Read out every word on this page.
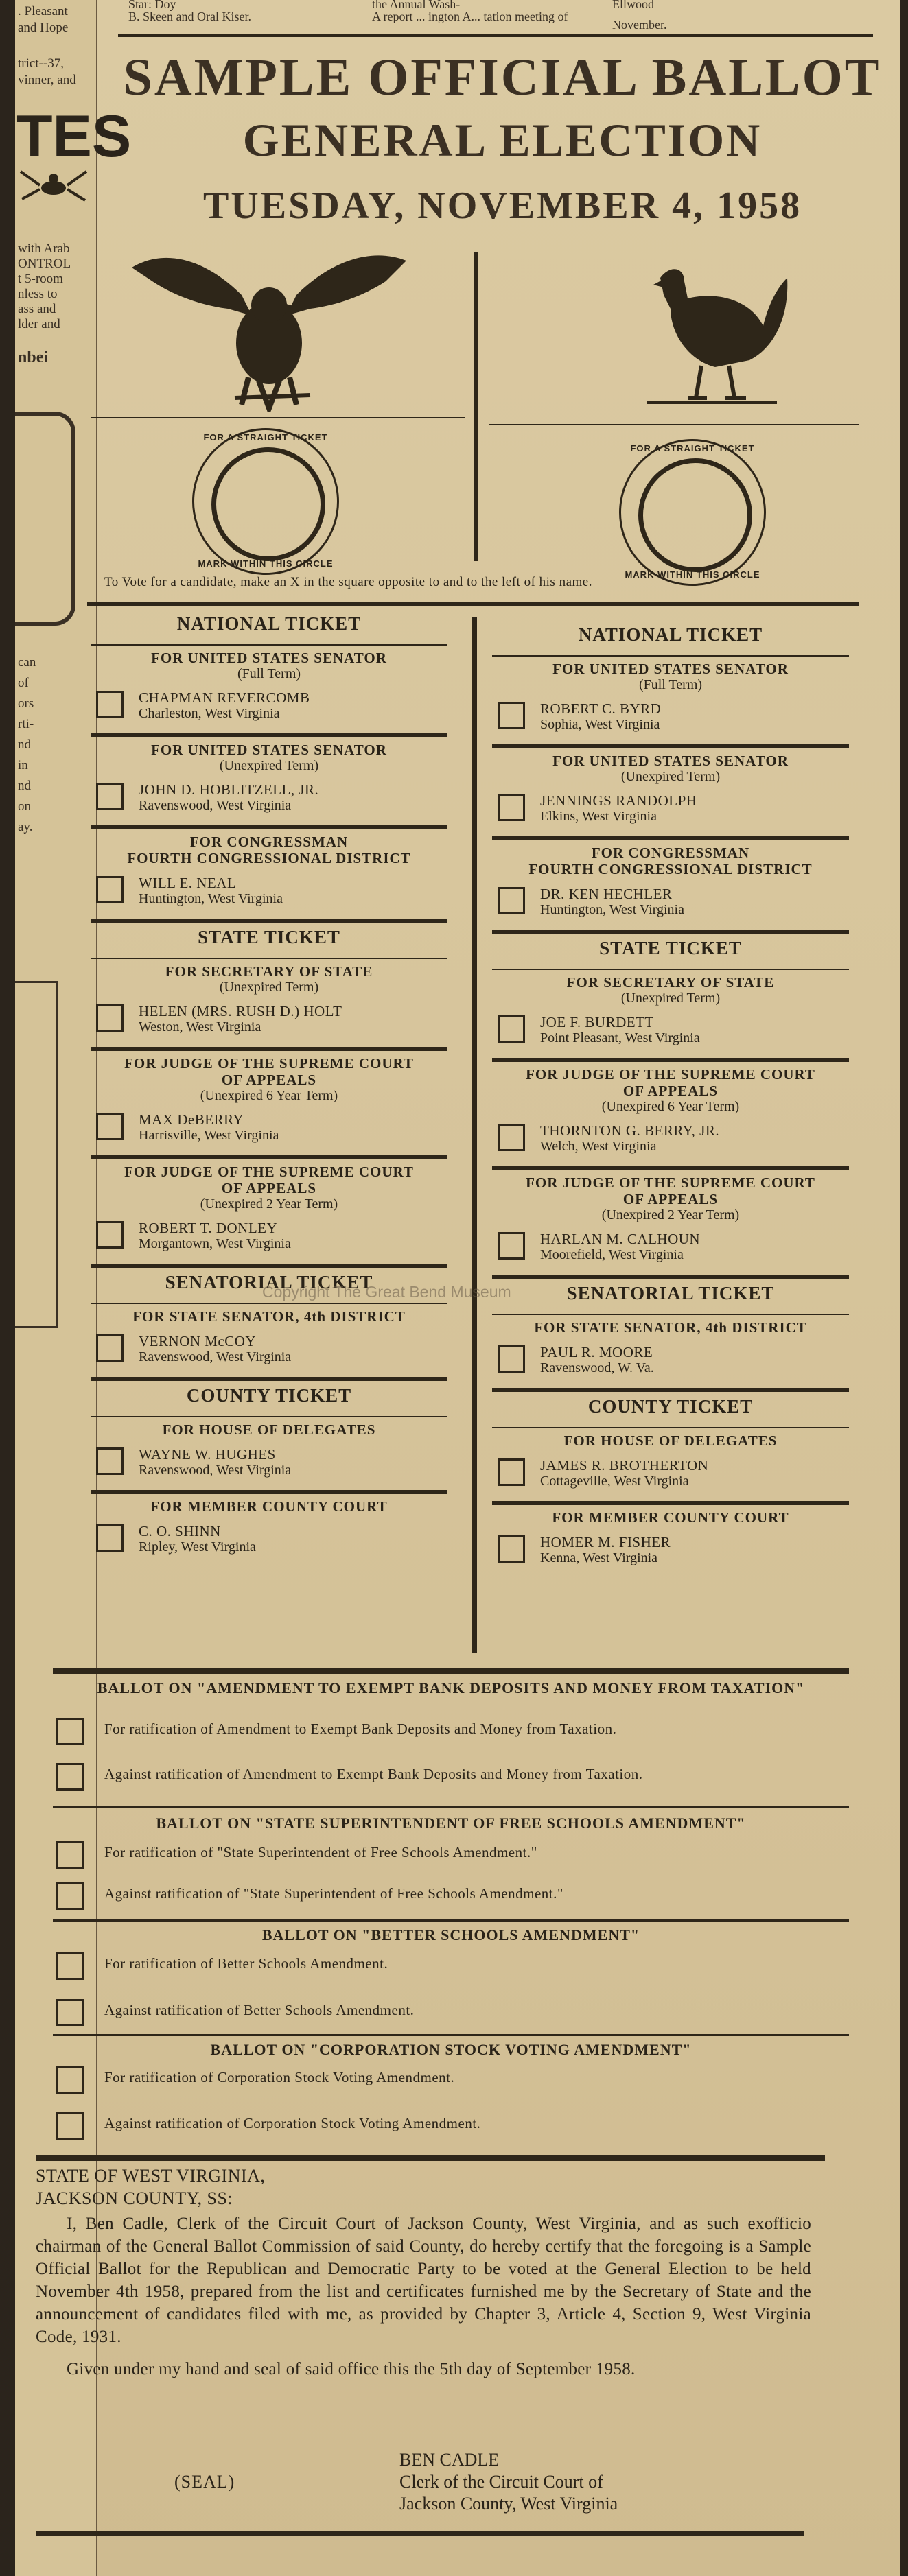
. Pleasant
and Hope
trict--37,
vinner, and
TES
with Arab
ONTROL
t 5-room
nless to
ass and
lder and
nbei
can
of
ors
rti-
nd
in
nd
on
ay.
Star: Doy
B. Skeen and Oral Kiser.
the Annual Wash-
A report ... ington A... tation meeting of
Ellwood
November.
SAMPLE OFFICIAL BALLOT
GENERAL ELECTION
TUESDAY, NOVEMBER 4, 1958
FOR A STRAIGHT TICKET
MARK WITHIN THIS CIRCLE
FOR A STRAIGHT TICKET
MARK WITHIN THIS CIRCLE
To Vote for a candidate, make an X in the square opposite to and to the left of his name.
NATIONAL TICKET
FOR UNITED STATES SENATOR
(Full Term)
CHAPMAN REVERCOMB
Charleston, West Virginia
FOR UNITED STATES SENATOR
(Unexpired Term)
JOHN D. HOBLITZELL, JR.
Ravenswood, West Virginia
FOR CONGRESSMAN
FOURTH CONGRESSIONAL DISTRICT
WILL E. NEAL
Huntington, West Virginia
STATE TICKET
FOR SECRETARY OF STATE
(Unexpired Term)
HELEN (MRS. RUSH D.) HOLT
Weston, West Virginia
FOR JUDGE OF THE SUPREME COURT
OF APPEALS
(Unexpired 6 Year Term)
MAX DeBERRY
Harrisville, West Virginia
FOR JUDGE OF THE SUPREME COURT
OF APPEALS
(Unexpired 2 Year Term)
ROBERT T. DONLEY
Morgantown, West Virginia
SENATORIAL TICKET
FOR STATE SENATOR, 4th DISTRICT
VERNON McCOY
Ravenswood, West Virginia
COUNTY TICKET
FOR HOUSE OF DELEGATES
WAYNE W. HUGHES
Ravenswood, West Virginia
FOR MEMBER COUNTY COURT
C. O. SHINN
Ripley, West Virginia
NATIONAL TICKET
FOR UNITED STATES SENATOR
(Full Term)
ROBERT C. BYRD
Sophia, West Virginia
FOR UNITED STATES SENATOR
(Unexpired Term)
JENNINGS RANDOLPH
Elkins, West Virginia
FOR CONGRESSMAN
FOURTH CONGRESSIONAL DISTRICT
DR. KEN HECHLER
Huntington, West Virginia
STATE TICKET
FOR SECRETARY OF STATE
(Unexpired Term)
JOE F. BURDETT
Point Pleasant, West Virginia
FOR JUDGE OF THE SUPREME COURT
OF APPEALS
(Unexpired 6 Year Term)
THORNTON G. BERRY, JR.
Welch, West Virginia
FOR JUDGE OF THE SUPREME COURT
OF APPEALS
(Unexpired 2 Year Term)
HARLAN M. CALHOUN
Moorefield, West Virginia
SENATORIAL TICKET
FOR STATE SENATOR, 4th DISTRICT
PAUL R. MOORE
Ravenswood, W. Va.
COUNTY TICKET
FOR HOUSE OF DELEGATES
JAMES R. BROTHERTON
Cottageville, West Virginia
FOR MEMBER COUNTY COURT
HOMER M. FISHER
Kenna, West Virginia
Copyright The Great Bend Museum
BALLOT ON "AMENDMENT TO EXEMPT BANK DEPOSITS AND MONEY FROM TAXATION"
For ratification of Amendment to Exempt Bank Deposits and Money from Taxation.
Against ratification of Amendment to Exempt Bank Deposits and Money from Taxation.
BALLOT ON "STATE SUPERINTENDENT OF FREE SCHOOLS AMENDMENT"
For ratification of "State Superintendent of Free Schools Amendment."
Against ratification of "State Superintendent of Free Schools Amendment."
BALLOT ON "BETTER SCHOOLS AMENDMENT"
For ratification of Better Schools Amendment.
Against ratification of Better Schools Amendment.
BALLOT ON "CORPORATION STOCK VOTING AMENDMENT"
For ratification of Corporation Stock Voting Amendment.
Against ratification of Corporation Stock Voting Amendment.
STATE OF WEST VIRGINIA,
JACKSON COUNTY, SS:

I, Ben Cadle, Clerk of the Circuit Court of Jackson County, West Virginia, and as such exofficio chairman of the General Ballot Commission of said County, do hereby certify that the foregoing is a Sample Official Ballot for the Republican and Democratic Party to be voted at the General Election to be held November 4th 1958, prepared from the list and certificates furnished me by the Secretary of State and the announcement of candidates filed with me, as provided by Chapter 3, Article 4, Section 9, West Virginia Code, 1931.

Given under my hand and seal of said office this the 5th day of September 1958.

(SEAL)
BEN CADLE
Clerk of the Circuit Court of
Jackson County, West Virginia
